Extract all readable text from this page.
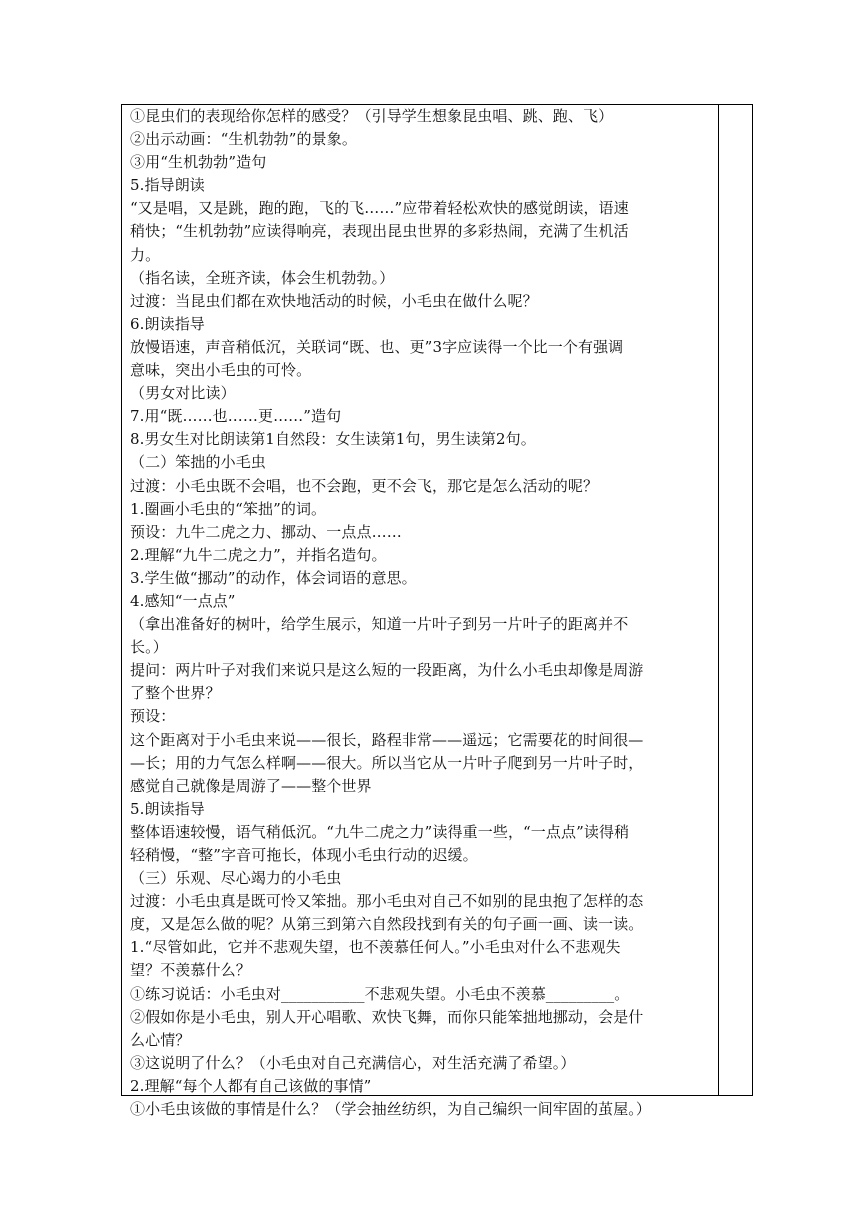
①昆虫们的表现给你怎样的感受？（引导学生想象昆虫唱、跳、跑、飞）
②出示动画：“生机勃勃”的景象。
③用“生机勃勃”造句
5.指导朗读
“又是唱，又是跳，跑的跑，飞的飞……”应带着轻松欢快的感觉朗读，语速
稍快；“生机勃勃”应读得响亮，表现出昆虫世界的多彩热闹，充满了生机活
力。
（指名读，全班齐读，体会生机勃勃。）
过渡：当昆虫们都在欢快地活动的时候，小毛虫在做什么呢？
6.朗读指导
放慢语速，声音稍低沉，关联词“既、也、更”3字应读得一个比一个有强调
意味，突出小毛虫的可怜。
（男女对比读）
7.用“既……也……更……”造句
8.男女生对比朗读第1自然段：女生读第1句，男生读第2句。
（二）笨拙的小毛虫
过渡：小毛虫既不会唱，也不会跑，更不会飞，那它是怎么活动的呢？
1.圈画小毛虫的“笨拙”的词。
预设：九牛二虎之力、挪动、一点点……
2.理解“九牛二虎之力”，并指名造句。
3.学生做“挪动”的动作，体会词语的意思。
4.感知“一点点”
（拿出准备好的树叶，给学生展示，知道一片叶子到另一片叶子的距离并不
长。）
提问：两片叶子对我们来说只是这么短的一段距离，为什么小毛虫却像是周游
了整个世界？
预设：
这个距离对于小毛虫来说——很长，路程非常——遥远；它需要花的时间很—
—长；用的力气怎么样啊——很大。所以当它从一片叶子爬到另一片叶子时，
感觉自己就像是周游了——整个世界
5.朗读指导
整体语速较慢，语气稍低沉。“九牛二虎之力”读得重一些，“一点点”读得稍
轻稍慢，“整”字音可拖长，体现小毛虫行动的迟缓。
（三）乐观、尽心竭力的小毛虫
过渡：小毛虫真是既可怜又笨拙。那小毛虫对自己不如别的昆虫抱了怎样的态
度，又是怎么做的呢？从第三到第六自然段找到有关的句子画一画、读一读。
1.“尽管如此，它并不悲观失望，也不羡慕任何人。”小毛虫对什么不悲观失
望？不羡慕什么？
①练习说话：小毛虫对___________不悲观失望。小毛虫不羡慕_________。
②假如你是小毛虫，别人开心唱歌、欢快飞舞，而你只能笨拙地挪动，会是什
么心情？
③这说明了什么？（小毛虫对自己充满信心，对生活充满了希望。）
2.理解“每个人都有自己该做的事情”
①小毛虫该做的事情是什么？（学会抽丝纺织，为自己编织一间牢固的茧屋。）
